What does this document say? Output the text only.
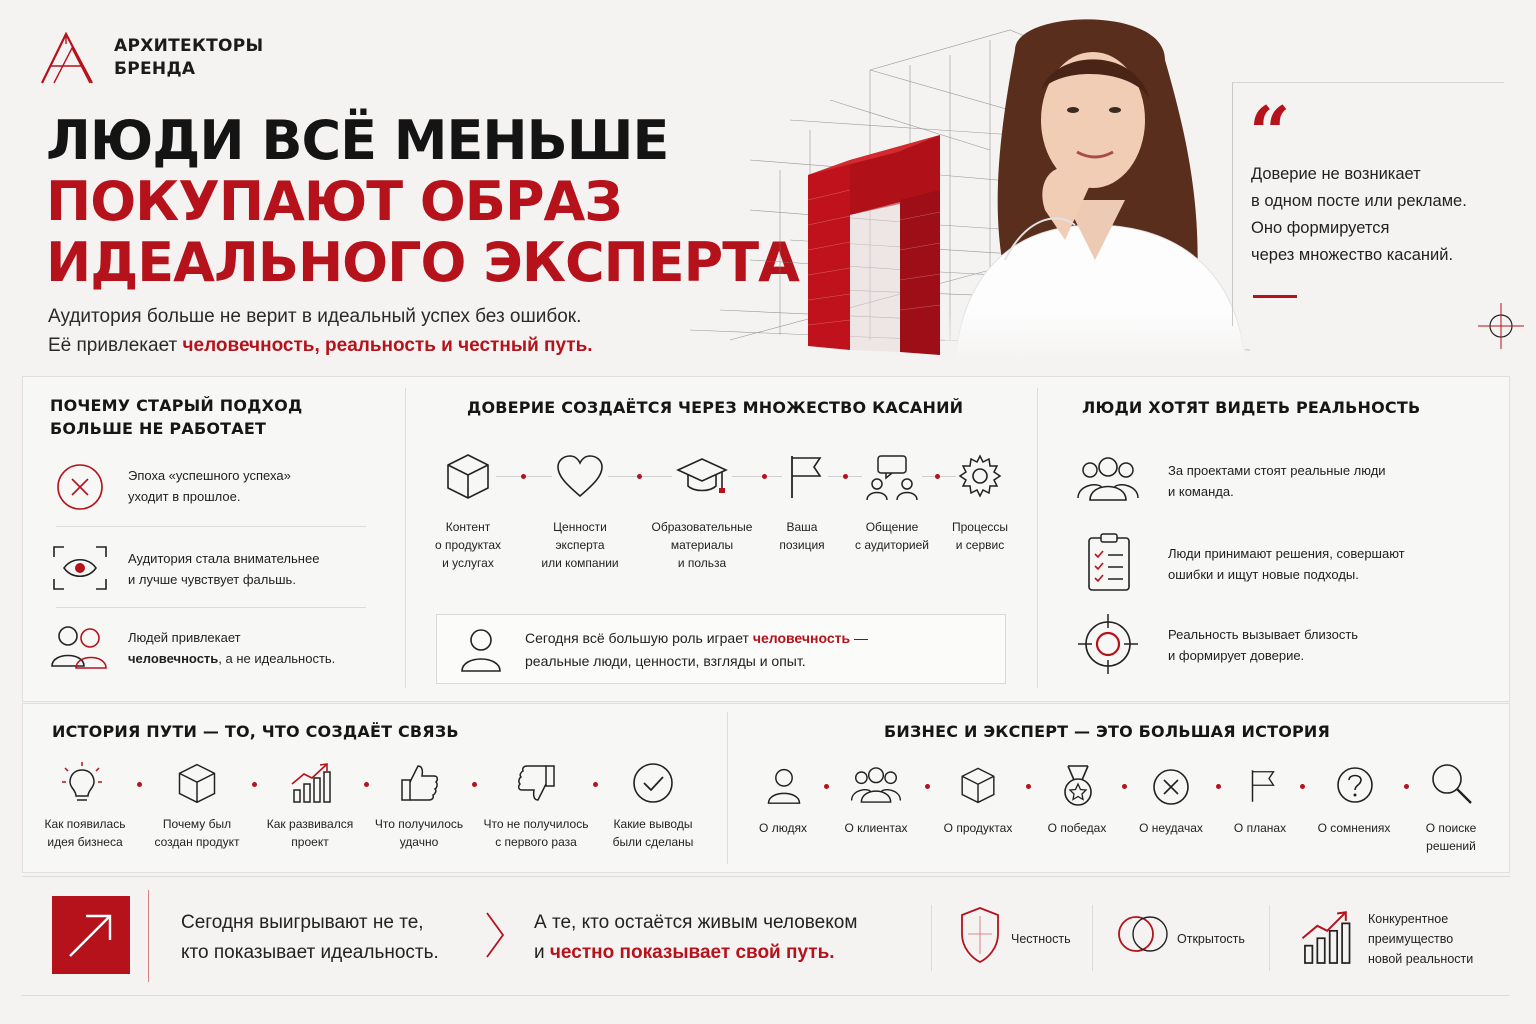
АРХИТЕКТОРЫ
БРЕНДА
ЛЮДИ ВСЁ МЕНЬШЕ
ПОКУПАЮТ ОБРАЗ
ИДЕАЛЬНОГО ЭКСПЕРТА
Аудитория больше не верит в идеальный успех без ошибок.
Её привлекает человечность, реальность и честный путь.
“
Доверие не возникает
в одном посте или рекламе.
Оно формируется
через множество касаний.
ПОЧЕМУ СТАРЫЙ ПОДХОД
БОЛЬШЕ НЕ РАБОТАЕТ
Эпоха «успешного успеха»
уходит в прошлое.
Аудитория стала внимательнее
и лучше чувствует фальшь.
Людей привлекает
человечность, а не идеальность.
ДОВЕРИЕ СОЗДАЁТСЯ ЧЕРЕЗ МНОЖЕСТВО КАСАНИЙ
Контент
о продуктах
и услугах
Ценности
эксперта
или компании
Образовательные
материалы
и польза
Ваша
позиция
Общение
с аудиторией
Процессы
и сервис
Сегодня всё большую роль играет человечность —
реальные люди, ценности, взгляды и опыт.
ЛЮДИ ХОТЯТ ВИДЕТЬ РЕАЛЬНОСТЬ
За проектами стоят реальные люди
и команда.
Люди принимают решения, совершают
ошибки и ищут новые подходы.
Реальность вызывает близость
и формирует доверие.
ИСТОРИЯ ПУТИ — ТО, ЧТО СОЗДАЁТ СВЯЗЬ
Как появилась
идея бизнеса
Почему был
создан продукт
Как развивался
проект
Что получилось
удачно
Что не получилось
с первого раза
Какие выводы
были сделаны
БИЗНЕС И ЭКСПЕРТ — ЭТО БОЛЬШАЯ ИСТОРИЯ
О людях	О клиентах	О продуктах	О победах	О неудачах	О планах	О сомнениях	О поиске
решений
Сегодня выигрывают не те,
кто показывает идеальность.
А те, кто остаётся живым человеком
и честно показывает свой путь.
Честность	Открытость
Конкурентное
преимущество
новой реальности
